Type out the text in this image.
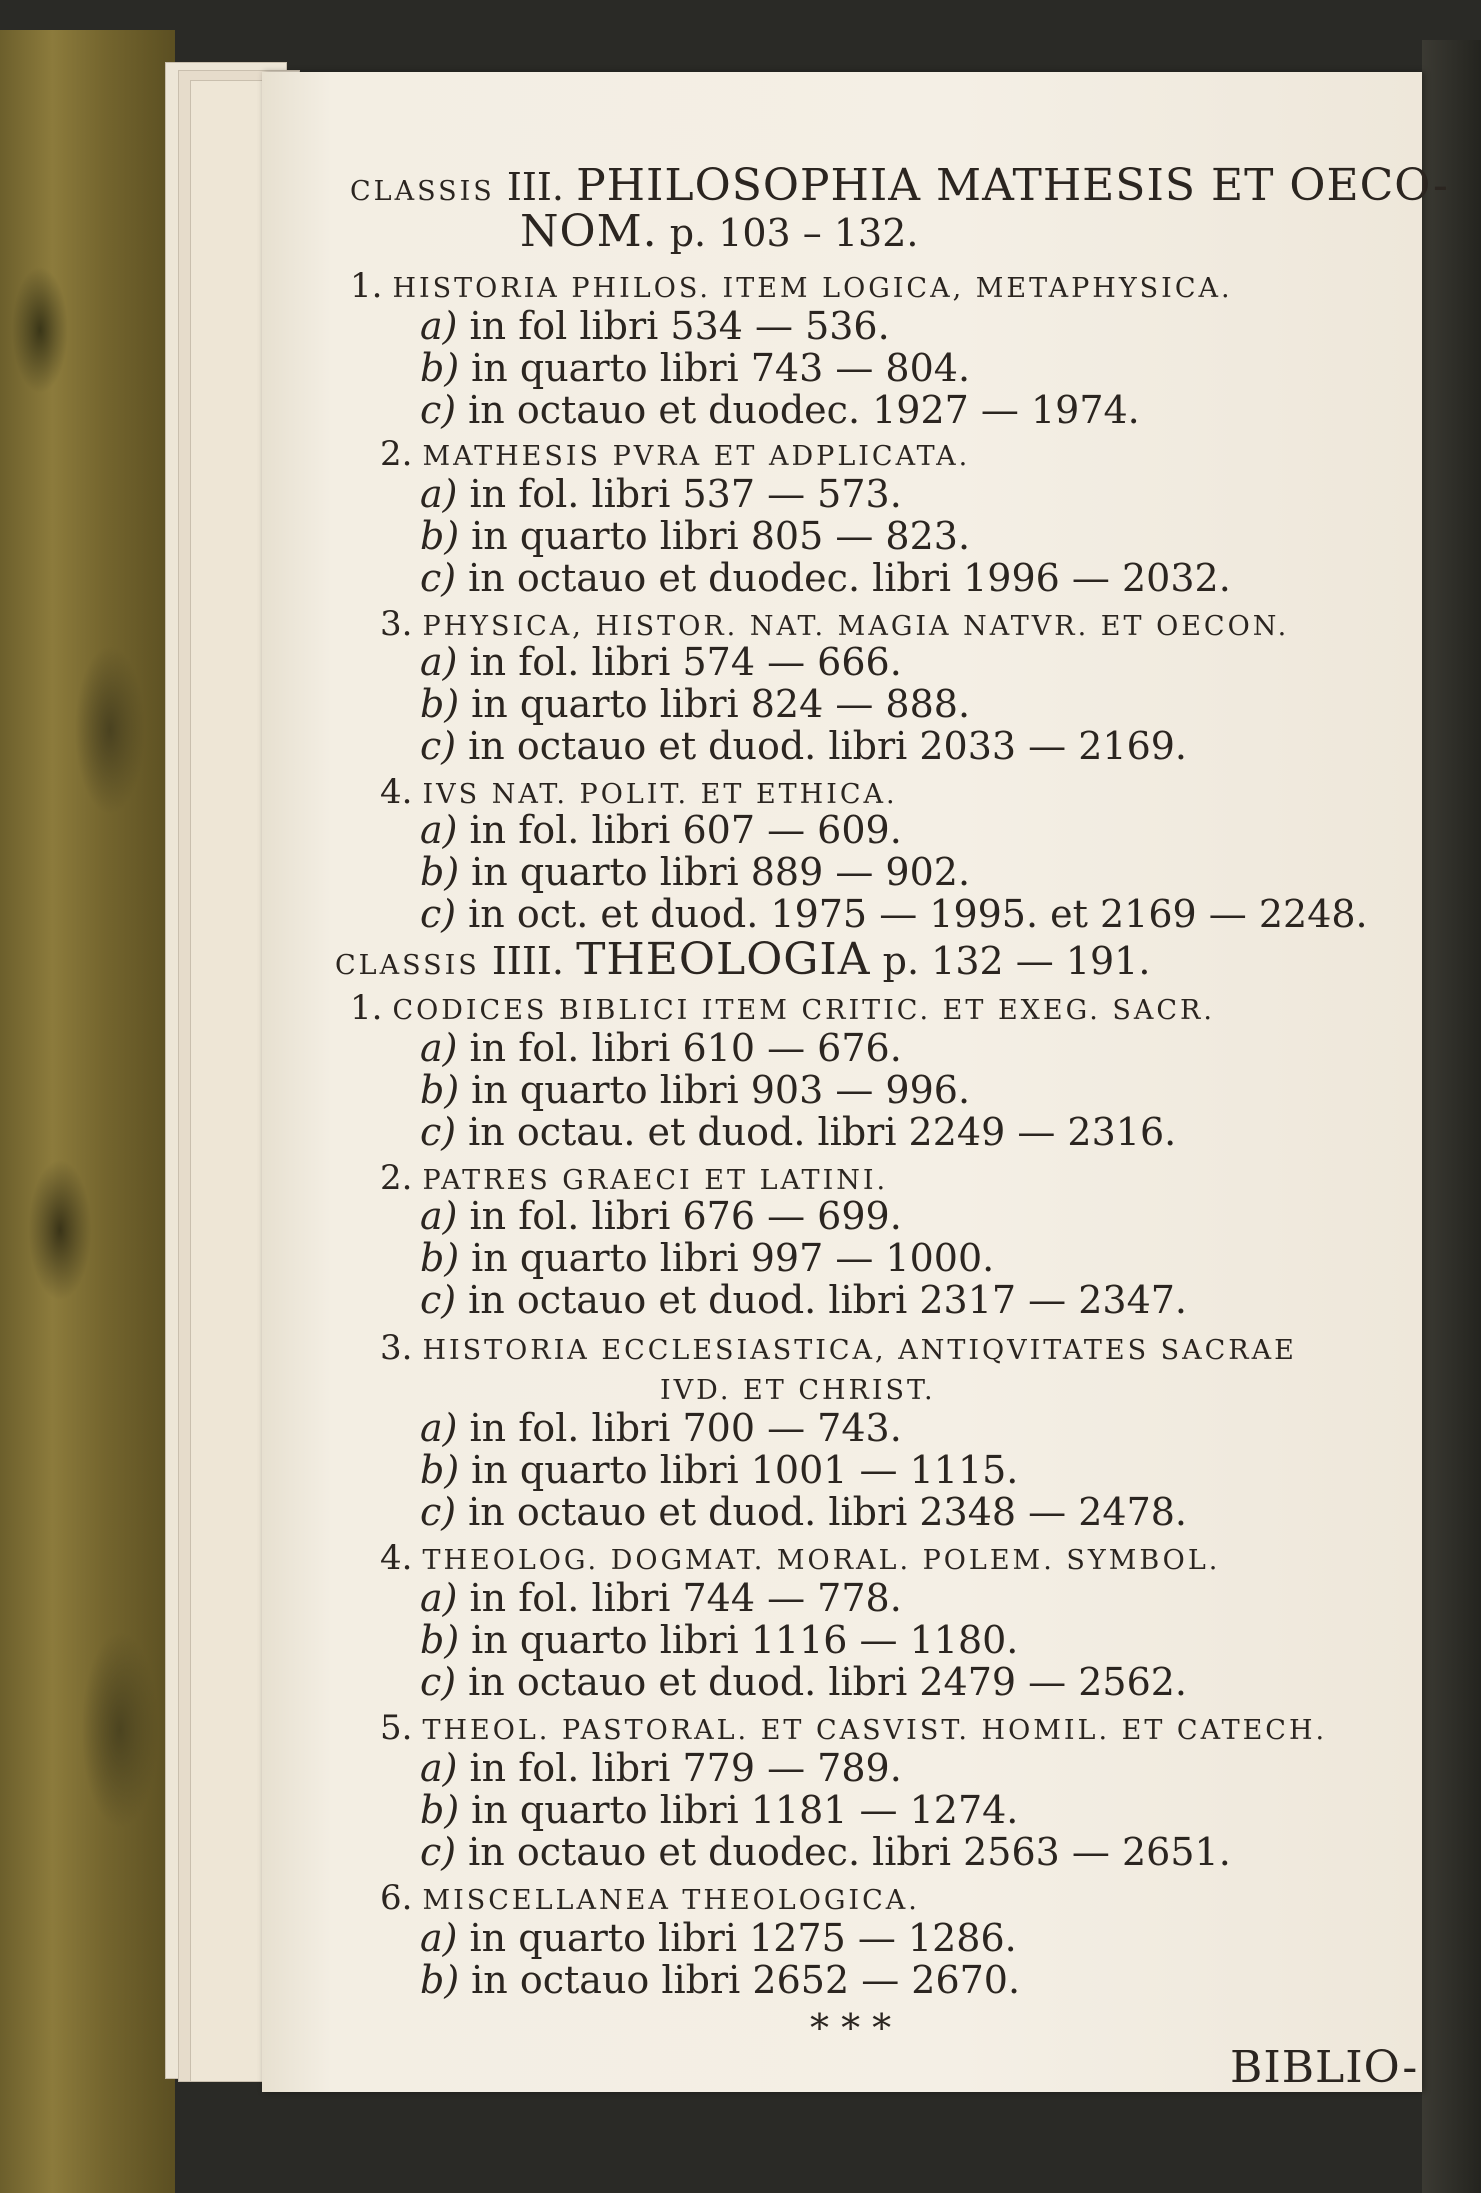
CLASSIS III. PHILOSOPHIA MATHESIS ET OECO-
NOM. p. 103 – 132.
1. HISTORIA PHILOS. ITEM LOGICA, METAPHYSICA.
a) in fol libri 534 — 536.
b) in quarto libri 743 — 804.
c) in octauo et duodec. 1927 — 1974.
2. MATHESIS PVRA ET ADPLICATA.
a) in fol. libri 537 — 573.
b) in quarto libri 805 — 823.
c) in octauo et duodec. libri 1996 — 2032.
3. PHYSICA, HISTOR. NAT. MAGIA NATVR. ET OECON.
a) in fol. libri 574 — 666.
b) in quarto libri 824 — 888.
c) in octauo et duod. libri 2033 — 2169.
4. IVS NAT. POLIT. ET ETHICA.
a) in fol. libri 607 — 609.
b) in quarto libri 889 — 902.
c) in oct. et duod. 1975 — 1995. et 2169 — 2248.
CLASSIS IIII. THEOLOGIA p. 132 — 191.
1. CODICES BIBLICI ITEM CRITIC. ET EXEG. SACR.
a) in fol. libri 610 — 676.
b) in quarto libri 903 — 996.
c) in octau. et duod. libri 2249 — 2316.
2. PATRES GRAECI ET LATINI.
a) in fol. libri 676 — 699.
b) in quarto libri 997 — 1000.
c) in octauo et duod. libri 2317 — 2347.
3. HISTORIA ECCLESIASTICA, ANTIQVITATES SACRAE
IVD. ET CHRIST.
a) in fol. libri 700 — 743.
b) in quarto libri 1001 — 1115.
c) in octauo et duod. libri 2348 — 2478.
4. THEOLOG. DOGMAT. MORAL. POLEM. SYMBOL.
a) in fol. libri 744 — 778.
b) in quarto libri 1116 — 1180.
c) in octauo et duod. libri 2479 — 2562.
5. THEOL. PASTORAL. ET CASVIST. HOMIL. ET CATECH.
a) in fol. libri 779 — 789.
b) in quarto libri 1181 — 1274.
c) in octauo et duodec. libri 2563 — 2651.
6. MISCELLANEA THEOLOGICA.
a) in quarto libri 1275 — 1286.
b) in octauo libri 2652 — 2670.
* * *
BIBLIO-
